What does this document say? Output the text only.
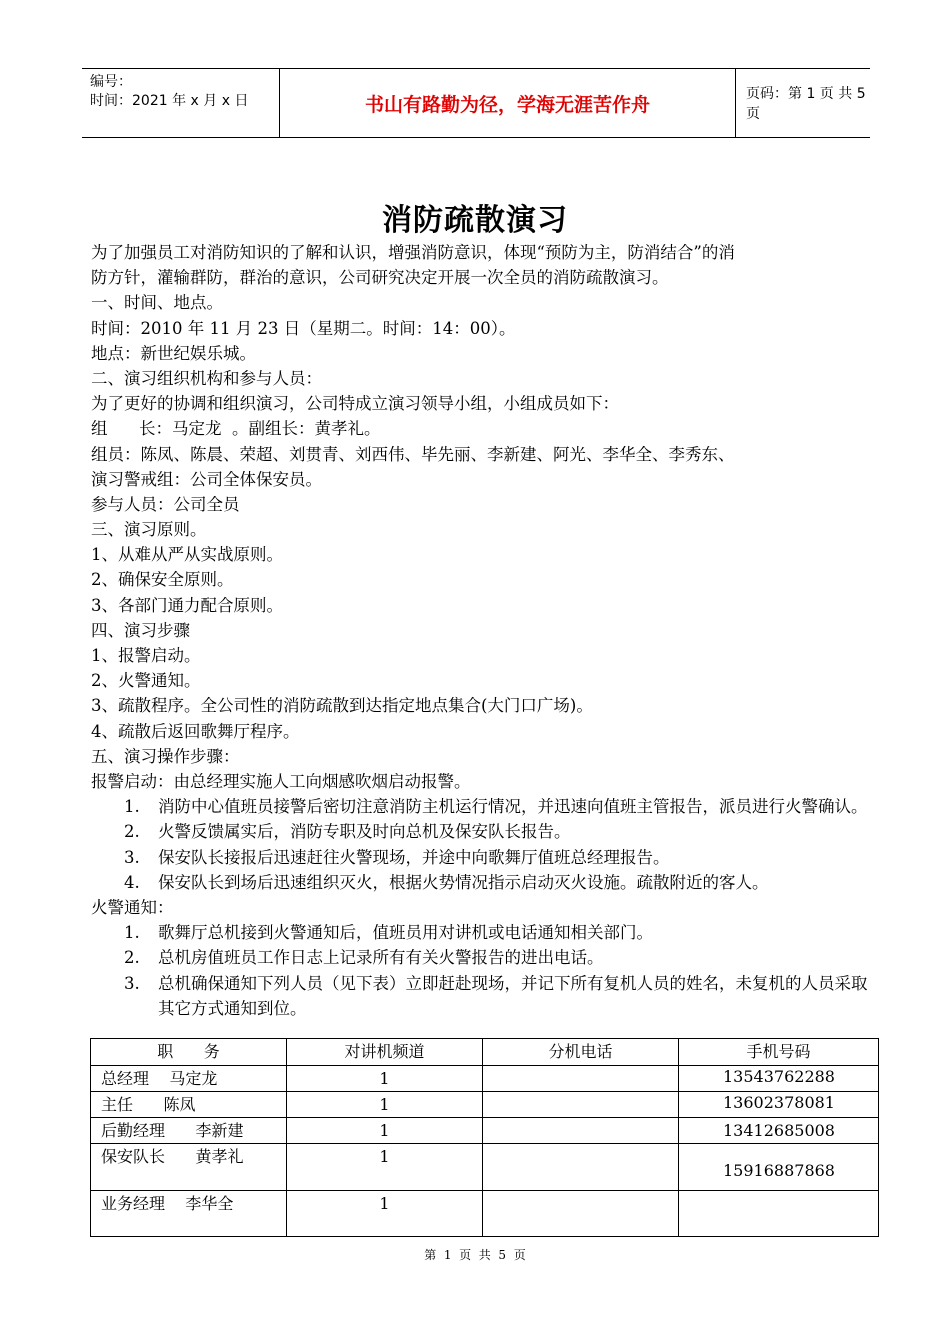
编号：
时间：2021 年 x 月 x 日	书山有路勤为径，学海无涯苦作舟	页码：第 1 页 共 5 页
消防疏散演习
为了加强员工对消防知识的了解和认识，增强消防意识，体现“预防为主，防消结合”的消
防方针，灌输群防，群治的意识，公司研究决定开展一次全员的消防疏散演习。
一、时间、地点。
时间：2010 年 11 月 23 日（星期二。时间：14：00）。
地点：新世纪娱乐城。
二、演习组织机构和参与人员：
为了更好的协调和组织演习，公司特成立演习领导小组，小组成员如下：
组      长：马定龙  。副组长：黄孝礼。
组员：陈凤、陈晨、荣超、刘贯青、刘西伟、毕先丽、李新建、阿光、李华全、李秀东、
演习警戒组：公司全体保安员。
参与人员：公司全员
三、演习原则。
1、从难从严从实战原则。
2、确保安全原则。
3、各部门通力配合原则。
四、演习步骤
1、报警启动。
2、火警通知。
3、疏散程序。全公司性的消防疏散到达指定地点集合(大门口广场)。
4、疏散后返回歌舞厅程序。
五、演习操作步骤：
报警启动：由总经理实施人工向烟感吹烟启动报警。
1. 消防中心值班员接警后密切注意消防主机运行情况，并迅速向值班主管报告，派员进行火警确认。
2. 火警反馈属实后，消防专职及时向总机及保安队长报告。
3. 保安队长接报后迅速赶往火警现场，并途中向歌舞厅值班总经理报告。
4. 保安队长到场后迅速组织灭火，根据火势情况指示启动灭火设施。疏散附近的客人。
火警通知：
1. 歌舞厅总机接到火警通知后，值班员用对讲机或电话通知相关部门。
2. 总机房值班员工作日志上记录所有有关火警报告的进出电话。
3. 总机确保通知下列人员（见下表）立即赶赴现场，并记下所有复机人员的姓名，未复机的人员采取其它方式通知到位。
职      务	对讲机频道	分机电话	手机号码
总经理    马定龙	1		13543762288
主任      陈凤	1		13602378081
后勤经理      李新建	1		13412685008
保安队长      黄孝礼	1		15916887868
业务经理    李华全	1		
第  1  页  共  5  页
